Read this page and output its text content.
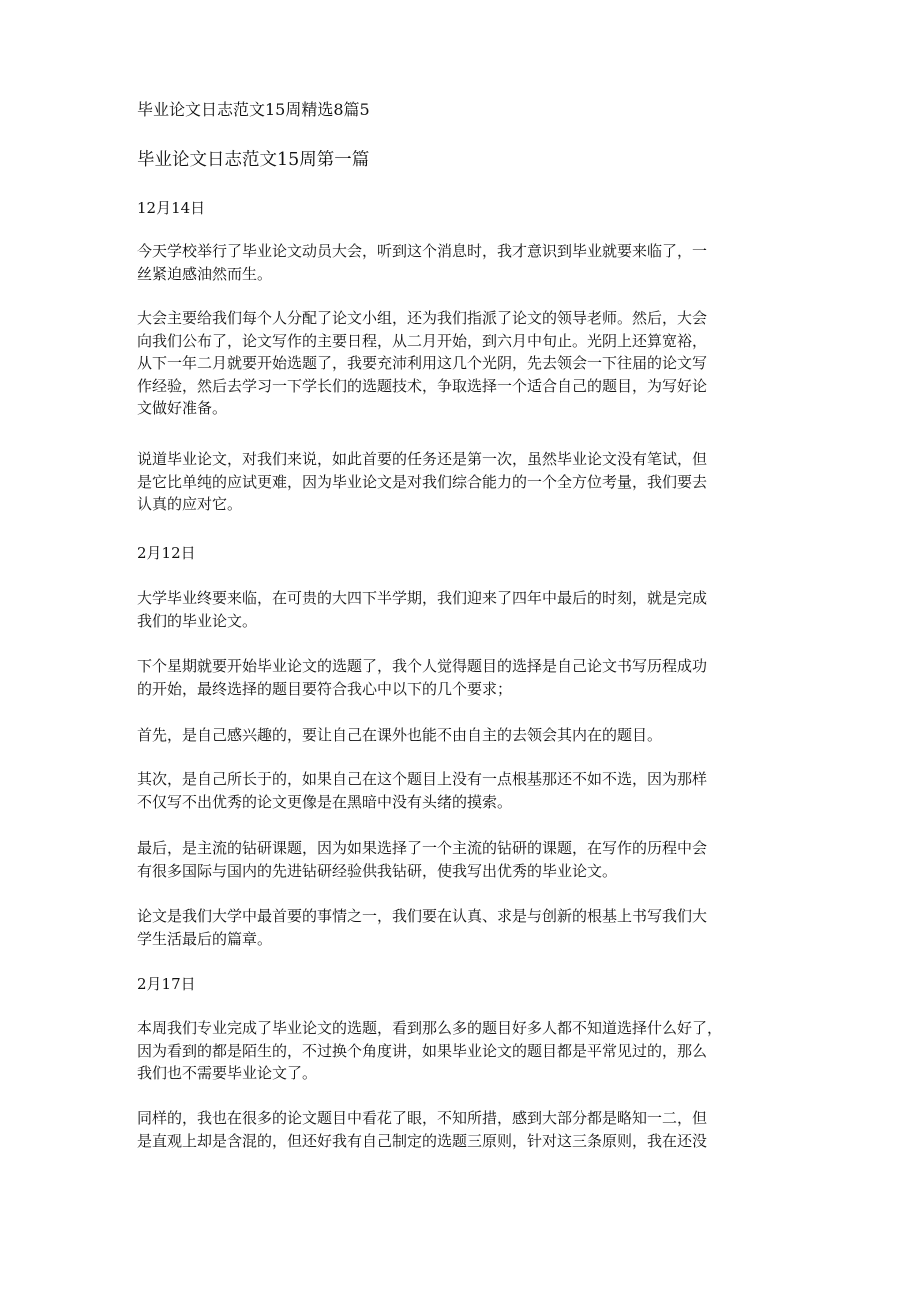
毕业论文日志范文15周精选8篇5

毕业论文日志范文15周第一篇

12月14日

今天学校举行了毕业论文动员大会，听到这个消息时，我才意识到毕业就要来临了，一
丝紧迫感油然而生。
大会主要给我们每个人分配了论文小组，还为我们指派了论文的领导老师。然后，大会
向我们公布了，论文写作的主要日程，从二月开始，到六月中旬止。光阴上还算宽裕，
从下一年二月就要开始选题了，我要充沛利用这几个光阴，先去领会一下往届的论文写
作经验，然后去学习一下学长们的选题技术，争取选择一个适合自己的题目，为写好论
文做好准备。
说道毕业论文，对我们来说，如此首要的任务还是第一次，虽然毕业论文没有笔试，但
是它比单纯的应试更难，因为毕业论文是对我们综合能力的一个全方位考量，我们要去
认真的应对它。

2月12日

大学毕业终要来临，在可贵的大四下半学期，我们迎来了四年中最后的时刻，就是完成
我们的毕业论文。
下个星期就要开始毕业论文的选题了，我个人觉得题目的选择是自己论文书写历程成功
的开始，最终选择的题目要符合我心中以下的几个要求；
首先，是自己感兴趣的，要让自己在课外也能不由自主的去领会其内在的题目。
其次，是自己所长于的，如果自己在这个题目上没有一点根基那还不如不选，因为那样
不仅写不出优秀的论文更像是在黑暗中没有头绪的摸索。
最后，是主流的钻研课题，因为如果选择了一个主流的钻研的课题，在写作的历程中会
有很多国际与国内的先进钻研经验供我钻研，使我写出优秀的毕业论文。
论文是我们大学中最首要的事情之一，我们要在认真、求是与创新的根基上书写我们大
学生活最后的篇章。

2月17日

本周我们专业完成了毕业论文的选题，看到那么多的题目好多人都不知道选择什么好了，
因为看到的都是陌生的，不过换个角度讲，如果毕业论文的题目都是平常见过的，那么
我们也不需要毕业论文了。
同样的，我也在很多的论文题目中看花了眼，不知所措，感到大部分都是略知一二，但
是直观上却是含混的，但还好我有自己制定的选题三原则，针对这三条原则，我在还没
